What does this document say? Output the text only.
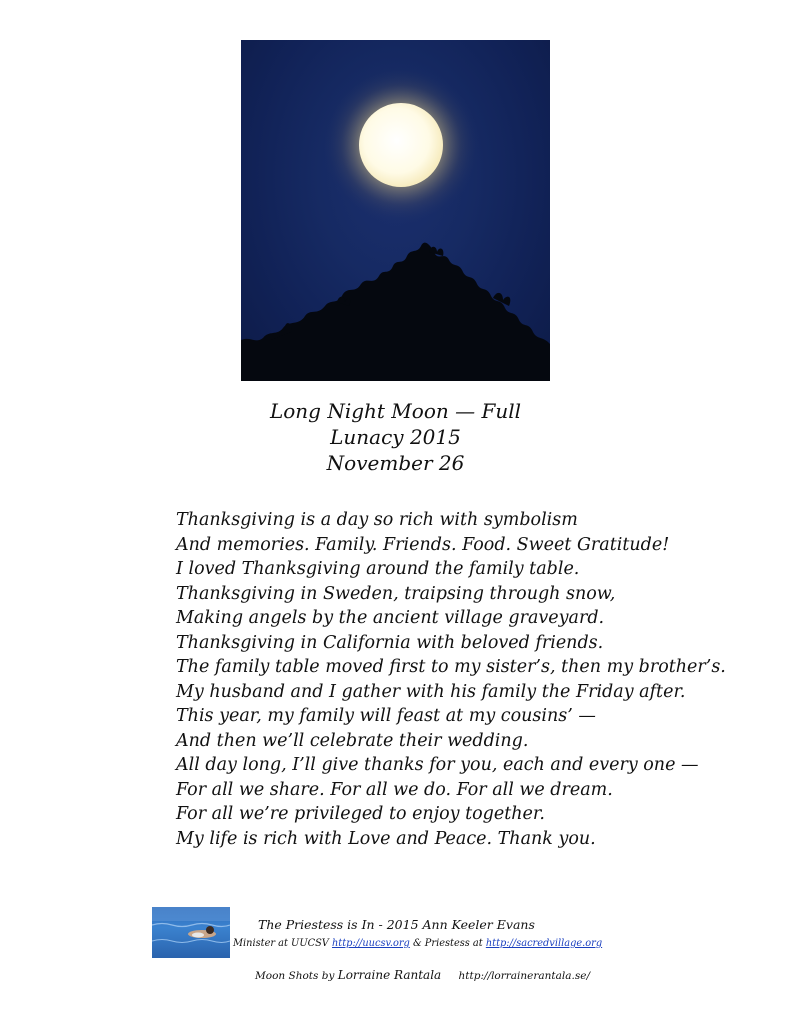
Long Night Moon — Full
Lunacy 2015
November 26
Thanksgiving is a day so rich with symbolism
And memories. Family. Friends. Food. Sweet Gratitude!
I loved Thanksgiving around the family table.
Thanksgiving in Sweden, traipsing through snow,
Making angels by the ancient village graveyard.
Thanksgiving in California with beloved friends.
The family table moved first to my sister’s, then my brother’s.
My husband and I gather with his family the Friday after.
This year, my family will feast at my cousins’ —
And then we’ll celebrate their wedding.
All day long, I’ll give thanks for you, each and every one —
For all we share. For all we do. For all we dream.
For all we’re privileged to enjoy together.
My life is rich with Love and Peace. Thank you.
The Priestess is In - 2015 Ann Keeler Evans
Minister at UUCSV http://uucsv.org & Priestess at http://sacredvillage.org
Moon Shots by Lorraine Rantala http://lorrainerantala.se/
